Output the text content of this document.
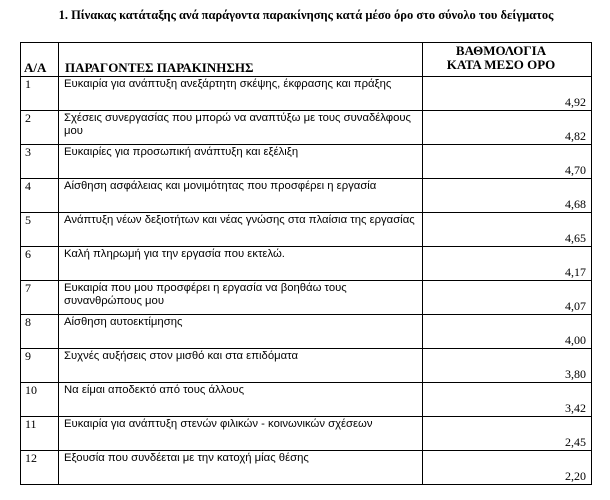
1. Πίνακας κατάταξης ανά παράγοντα παρακίνησης κατά μέσο όρο στο σύνολο του δείγματος
Α/Α	ΠΑΡΑΓΟΝΤΕΣ ΠΑΡΑΚΙΝΗΣΗΣ	ΒΑΘΜΟΛΟΓΙΑ
ΚΑΤΑ ΜΕΣΟ ΟΡΟ

1	Ευκαιρία για ανάπτυξη ανεξάρτητη σκέψης, έκφρασης και πράξης	4,92
2	Σχέσεις συνεργασίας που μπορώ να αναπτύξω με τους συναδέλφους μου	4,82
3	Ευκαιρίες για προσωπική ανάπτυξη και εξέλιξη	4,70
4	Αίσθηση ασφάλειας και μονιμότητας που προσφέρει η εργασία	4,68
5	Ανάπτυξη νέων δεξιοτήτων και νέας γνώσης στα πλαίσια της εργασίας	4,65
6	Καλή πληρωμή για την εργασία που εκτελώ.	4,17
7	Ευκαιρία που μου προσφέρει η εργασία να βοηθάω τους συνανθρώπους μου	4,07
8	Αίσθηση αυτοεκτίμησης	4,00
9	Συχνές αυξήσεις στον μισθό και στα επιδόματα	3,80
10	Να είμαι αποδεκτό από τους άλλους	3,42
11	Ευκαιρία για ανάπτυξη στενών φιλικών - κοινωνικών σχέσεων	2,45
12	Εξουσία που συνδέεται με την κατοχή μίας θέσης	2,20
